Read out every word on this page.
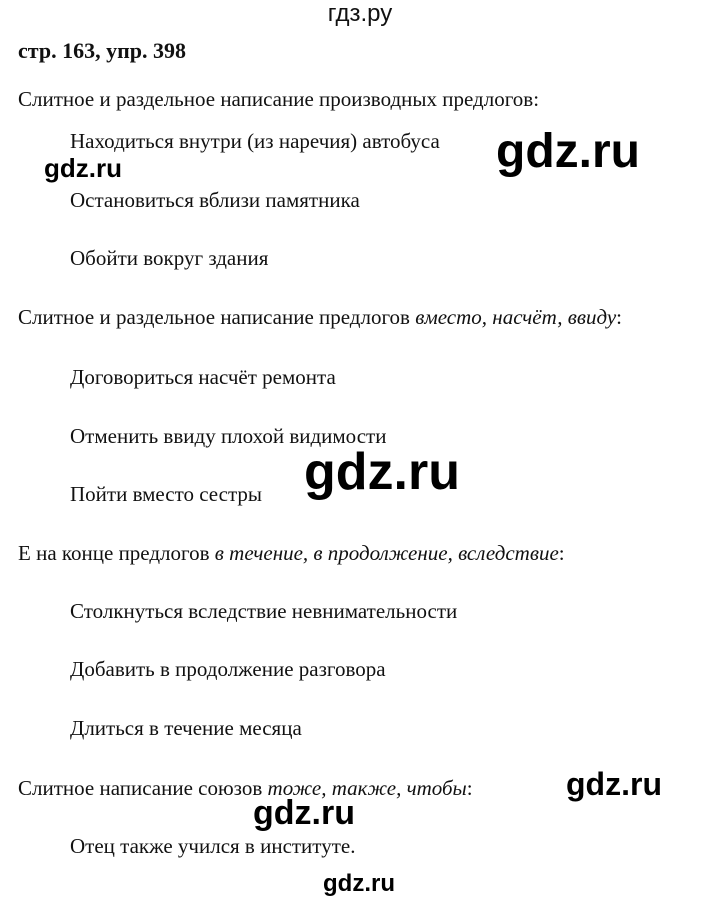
гдз.ру
стр. 163, упр. 398
Слитное и раздельное написание производных предлогов:
Находиться внутри (из наречия) автобуса
Остановиться вблизи памятника
Обойти вокруг здания
Слитное и раздельное написание предлогов вместо, насчёт, ввиду:
Договориться насчёт ремонта
Отменить ввиду плохой видимости
Пойти вместо сестры
Е на конце предлогов в течение, в продолжение, вследствие:
Столкнуться вследствие невнимательности
Добавить в продолжение разговора
Длиться в течение месяца
Слитное написание союзов тоже, также, чтобы:
Отец также учился в институте.
gdz.ru
gdz.ru
gdz.ru
gdz.ru
gdz.ru
gdz.ru
